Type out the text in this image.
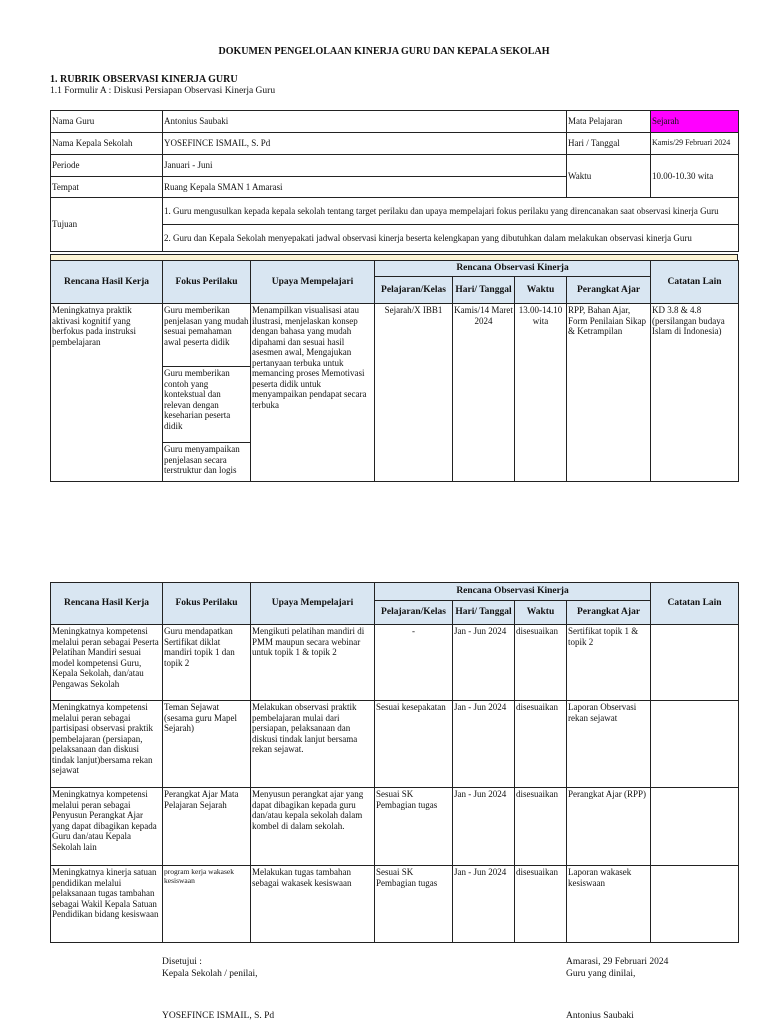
DOKUMEN PENGELOLAAN KINERJA GURU DAN KEPALA SEKOLAH
1. RUBRIK OBSERVASI KINERJA GURU
1.1 Formulir A : Diskusi Persiapan Observasi Kinerja Guru
Nama Guru	Antonius Saubaki	Mata Pelajaran	Sejarah
Nama Kepala Sekolah	YOSEFINCE ISMAIL, S. Pd	Hari / Tanggal	Kamis/29 Februari 2024
Periode	Januari - Juni	Waktu	10.00-10.30 wita
Tempat	Ruang Kepala SMAN 1 Amarasi		
Tujuan	1. Guru mengusulkan kepada kepala sekolah tentang target perilaku dan upaya mempelajari fokus perilaku yang direncanakan saat observasi kinerja Guru		
	2. Guru dan Kepala Sekolah menyepakati jadwal observasi kinerja beserta kelengkapan yang dibutuhkan dalam melakukan observasi kinerja Guru		
Rencana Hasil Kerja	Fokus Perilaku	Upaya Mempelajari	Rencana Observasi Kinerja				Catatan Lain
			Pelajaran/Kelas	Hari/ Tanggal	Waktu	Perangkat Ajar	
Meningkatnya praktik aktivasi kognitif yang berfokus pada instruksi pembelajaran	Guru memberikan penjelasan yang mudah sesuai pemahaman awal peserta didik	Menampilkan visualisasi atau ilustrasi, menjelaskan konsep dengan bahasa yang mudah dipahami dan sesuai hasil asesmen awal, Mengajukan pertanyaan terbuka untuk memancing proses Memotivasi peserta didik untuk menyampaikan pendapat secara terbuka	Sejarah/X IBB1	Kamis/14 Maret 2024	13.00-14.10 wita	RPP, Bahan Ajar, Form Penilaian Sikap & Ketrampilan	KD 3.8 & 4.8 (persilangan budaya Islam di Indonesia)
	Guru memberikan contoh yang kontekstual dan relevan dengan keseharian peserta didik						
	Guru menyampaikan penjelasan secara terstruktur dan logis						
Rencana Hasil Kerja	Fokus Perilaku	Upaya Mempelajari	Rencana Observasi Kinerja				Catatan Lain
			Pelajaran/Kelas	Hari/ Tanggal	Waktu	Perangkat Ajar	
Meningkatnya kompetensi melalui peran sebagai Peserta Pelatihan Mandiri sesuai model kompetensi Guru, Kepala Sekolah, dan/atau Pengawas Sekolah	Guru mendapatkan Sertifikat diklat mandiri topik 1 dan topik 2	Mengikuti pelatihan mandiri di PMM maupun secara webinar untuk topik 1 & topik 2	-	Jan - Jun 2024	disesuaikan	Sertifikat topik 1 & topik 2	
Meningkatnya kompetensi melalui peran sebagai partisipasi observasi praktik pembelajaran (persiapan, pelaksanaan dan diskusi tindak lanjut)bersama rekan sejawat	Teman Sejawat (sesama guru Mapel Sejarah)	Melakukan observasi praktik pembelajaran mulai dari persiapan, pelaksanaan dan diskusi tindak lanjut bersama rekan sejawat.	Sesuai kesepakatan	Jan - Jun 2024	disesuaikan	Laporan Observasi rekan sejawat	
Meningkatnya kompetensi melalui peran sebagai Penyusun Perangkat Ajar yang dapat dibagikan kepada Guru dan/atau Kepala Sekolah lain	Perangkat Ajar Mata Pelajaran Sejarah	Menyusun perangkat ajar yang dapat dibagikan kepada guru dan/atau kepala sekolah dalam kombel di dalam sekolah.	Sesuai SK Pembagian tugas	Jan - Jun 2024	disesuaikan	Perangkat Ajar (RPP)	
Meningkatnya kinerja satuan pendidikan melalui pelaksanaan tugas tambahan sebagai Wakil Kepala Satuan Pendidikan bidang kesiswaan	program kerja wakasek kesiswaan	Melakukan tugas tambahan sebagai wakasek kesiswaan	Sesuai SK Pembagian tugas	Jan - Jun 2024	disesuaikan	Laporan wakasek kesiswaan	
Disetujui :
Kepala Sekolah / penilai,
YOSEFINCE ISMAIL, S. Pd
Amarasi, 29 Februari 2024
Guru yang dinilai,
Antonius Saubaki
